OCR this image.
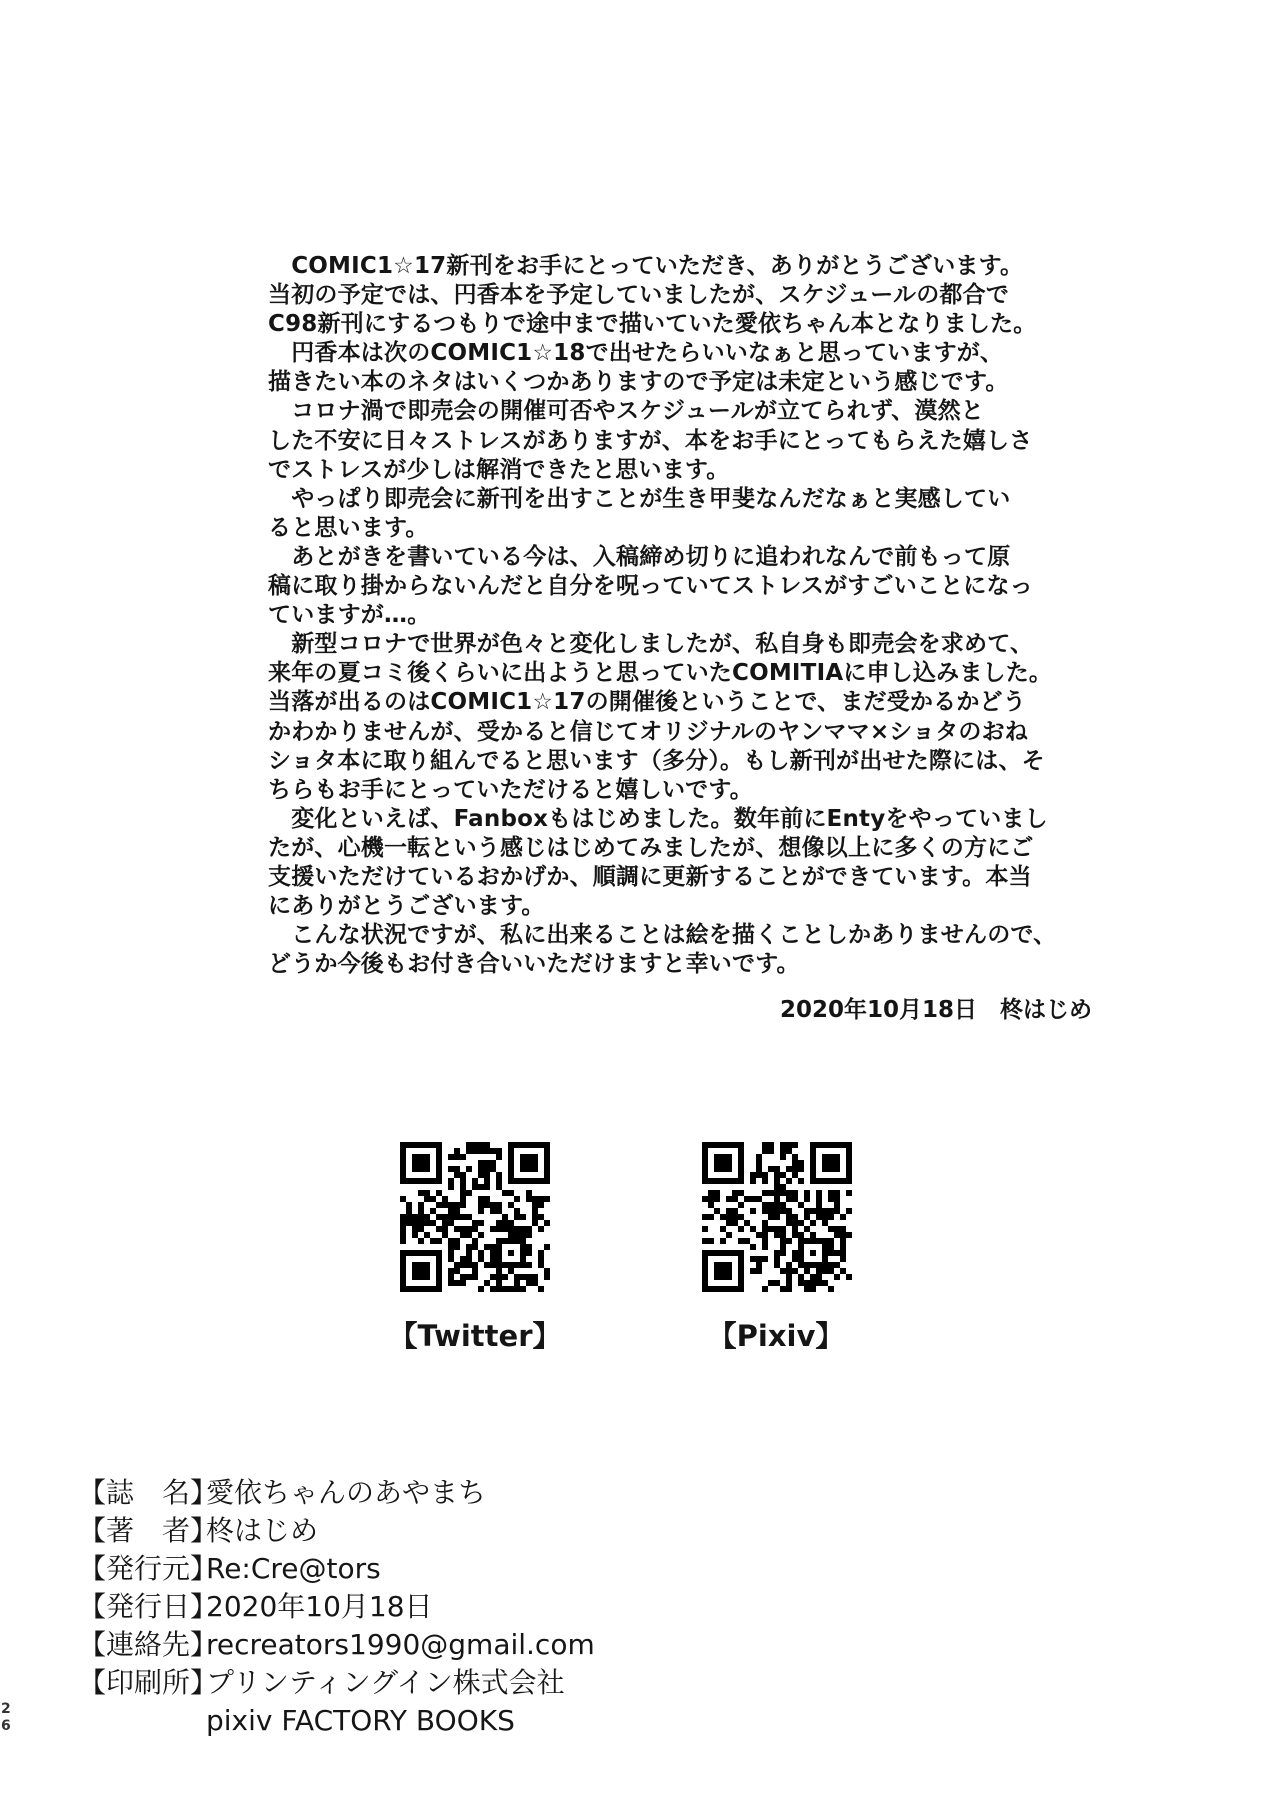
　COMIC1☆17新刊をお手にとっていただき、ありがとうございます。
当初の予定では、円香本を予定していましたが、スケジュールの都合で
C98新刊にするつもりで途中まで描いていた愛依ちゃん本となりました。
　円香本は次のCOMIC1☆18で出せたらいいなぁと思っていますが、
描きたい本のネタはいくつかありますので予定は未定という感じです。
　コロナ渦で即売会の開催可否やスケジュールが立てられず、漠然と
した不安に日々ストレスがありますが、本をお手にとってもらえた嬉しさ
でストレスが少しは解消できたと思います。
　やっぱり即売会に新刊を出すことが生き甲斐なんだなぁと実感してい
ると思います。
　あとがきを書いている今は、入稿締め切りに追われなんで前もって原
稿に取り掛からないんだと自分を呪っていてストレスがすごいことになっ
ていますが…。
　新型コロナで世界が色々と変化しましたが、私自身も即売会を求めて、
来年の夏コミ後くらいに出ようと思っていたCOMITIAに申し込みました。
当落が出るのはCOMIC1☆17の開催後ということで、まだ受かるかどう
かわかりませんが、受かると信じてオリジナルのヤンママ×ショタのおね
ショタ本に取り組んでると思います（多分）。もし新刊が出せた際には、そ
ちらもお手にとっていただけると嬉しいです。
　変化といえば、Fanboxもはじめました。数年前にEntyをやっていまし
たが、心機一転という感じはじめてみましたが、想像以上に多くの方にご
支援いただけているおかげか、順調に更新することができています。本当
にありがとうございます。
　こんな状況ですが、私に出来ることは絵を描くことしかありませんので、
どうか今後もお付き合いいただけますと幸いです。
2020年10月18日　柊はじめ
【Twitter】	【Pixiv】
【誌　名】愛依ちゃんのあやまち
【著　者】柊はじめ
【発行元】Re:Cre@tors
【発行日】2020年10月18日
【連絡先】recreators1990@gmail.com
【印刷所】プリンティングイン株式会社
pixiv FACTORY BOOKS
26
